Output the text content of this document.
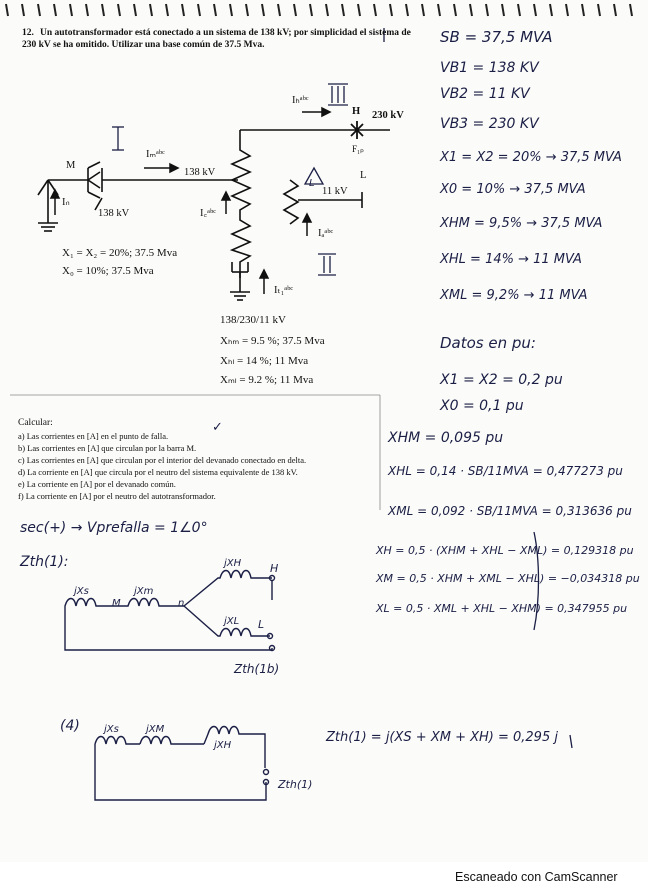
12. Un autotransformador está conectado a un sistema de 138 kV; por simplicidad el sistema de
230 kV se ha omitido. Utilizar una base común de 37.5 Mva.
L
M
138 kV
138 kV
230 kV
11 kV
H
L
F₁ₚ
Iₙ
Iₘᵃᵇᶜ
I꜀ᵃᵇᶜ
Iₕᵃᵇᶜ
Iₐᵃᵇᶜ
Iₜ₁ᵃᵇᶜ
X₁ = X₂ = 20%; 37.5 Mva
X₀ = 10%; 37.5 Mva
138/230/11 kV
Xₕₘ = 9.5 %; 37.5 Mva
Xₕₗ = 14 %; 11 Mva
Xₘₗ = 9.2 %; 11 Mva
Calcular:
a) Las corrientes en [A] en el punto de falla.
b) Las corrientes en [A] que circulan por la barra M.
c) Las corrientes en [A] que circulan por el interior del devanado conectado en delta.
d) La corriente en [A] que circula por el neutro del sistema equivalente de 138 kV.
e) La corriente en [A] por el devanado común.
f) La corriente en [A] por el neutro del autotransformador.
✓
SB = 37,5 MVA
VB1 = 138 KV
VB2 = 11 KV
VB3 = 230 KV
X1 = X2 = 20% → 37,5 MVA
X0 = 10% → 37,5 MVA
XHM = 9,5% → 37,5 MVA
XHL = 14% → 11 MVA
XML = 9,2% → 11 MVA
Datos en pu:
X1 = X2 = 0,2 pu
X0 = 0,1 pu
XHM = 0,095 pu
XHL = 0,14 · SB/11MVA = 0,477273 pu
XML = 0,092 · SB/11MVA = 0,313636 pu
XH = 0,5 · (XHM + XHL − XML) = 0,129318 pu
XM = 0,5 · XHM + XML − XHL) = −0,034318 pu
XL = 0,5 · XML + XHL − XHM) = 0,347955 pu
Zth(1) = j(XS + XM + XH) = 0,295 j
sec(+) → Vprefalla = 1∠0°
Zth(1):
jXs	jXm
jXH
jXL
M	n
H
L
Zth(1b)
(4) jXs	jXM
jXH
Zth(1)
Escaneado con CamScanner
